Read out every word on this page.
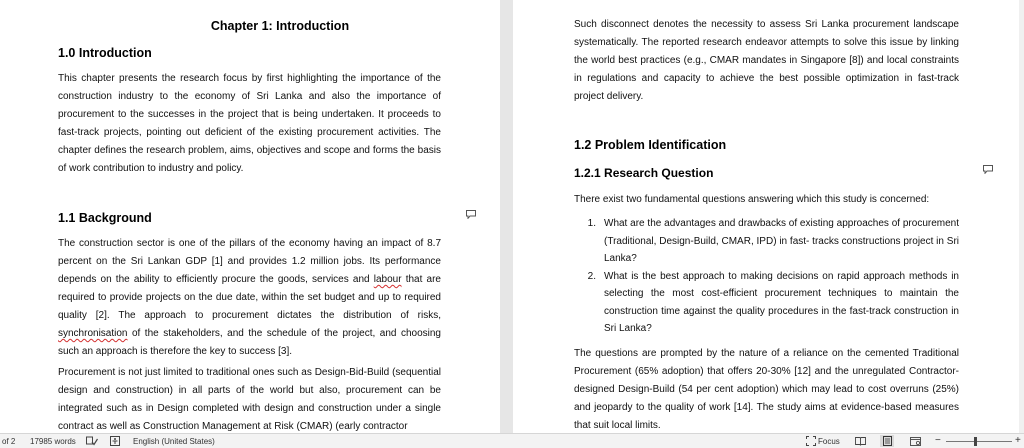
Chapter 1: Introduction
1.0 Introduction
This chapter presents the research focus by first highlighting the importance of the construction industry to the economy of Sri Lanka and also the importance of procurement to the successes in the project that is being undertaken. It proceeds to fast-track projects, pointing out deficient of the existing procurement activities. The chapter defines the research problem, aims, objectives and scope and forms the basis of work contribution to industry and policy.
1.1 Background
The construction sector is one of the pillars of the economy having an impact of 8.7 percent on the Sri Lankan GDP [1] and provides 1.2 million jobs. Its performance depends on the ability to efficiently procure the goods, services and labour that are required to provide projects on the due date, within the set budget and up to required quality [2]. The approach to procurement dictates the distribution of risks, synchronisation of the stakeholders, and the schedule of the project, and choosing such an approach is therefore the key to success [3].
Procurement is not just limited to traditional ones such as Design-Bid-Build (sequential design and construction) in all parts of the world but also, procurement can be integrated such as in Design completed with design and construction under a single contract as well as Construction Management at Risk (CMAR) (early contractor
Such disconnect denotes the necessity to assess Sri Lanka procurement landscape systematically. The reported research endeavor attempts to solve this issue by linking the world best practices (e.g., CMAR mandates in Singapore [8]) and local constraints in regulations and capacity to achieve the best possible optimization in fast-track project delivery.
1.2 Problem Identification
1.2.1 Research Question
There exist two fundamental questions answering which this study is concerned:
1. What are the advantages and drawbacks of existing approaches of procurement (Traditional, Design-Build, CMAR, IPD) in fast- tracks constructions project in Sri Lanka?
2. What is the best approach to making decisions on rapid approach methods in selecting the most cost-efficient procurement techniques to maintain the construction time against the quality procedures in the fast-track construction in Sri Lanka?
The questions are prompted by the nature of a reliance on the cemented Traditional Procurement (65% adoption) that offers 20-30% [12] and the unregulated Contractor-designed Design-Build (54 per cent adoption) which may lead to cost overruns (25%) and jeopardy to the quality of work [14]. The study aims at evidence-based measures that suit local limits.
of 2 17985 words	English (United States)	Focus	−	+
